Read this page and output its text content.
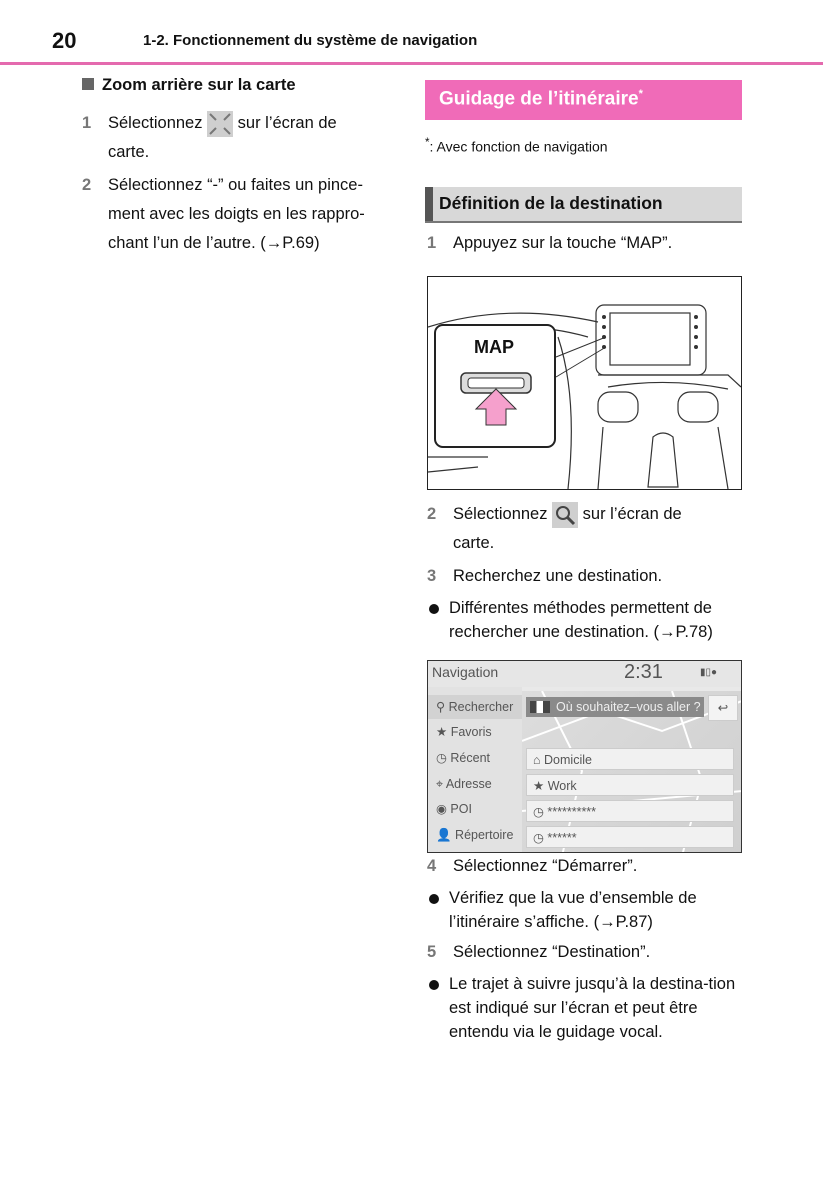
20	1-2. Fonctionnement du système de navigation
Zoom arrière sur la carte
1 Sélectionnez sur l’écran de
carte.
2 Sélectionnez “-” ou faites un pince-ment avec les doigts en les rappro-chant l’un de l’autre. (→P.69)
Guidage de l’itinéraire*
*: Avec fonction de navigation
Définition de la destination
1 Appuyez sur la touche “MAP”.
MAP
2 Sélectionnez sur l’écran de
carte.
3 Recherchez une destination.
Différentes méthodes permettent de rechercher une destination. (→P.78)
Navigation	2:31	▮▯●
⚲ Rechercher
★ Favoris
◷ Récent
⌖ Adresse
◉ POI
👤 Répertoire
Où souhaitez–vous aller ?	↩
⌂ Domicile
★ Work
◷ **********
◷ ******
4 Sélectionnez “Démarrer”.
Vérifiez que la vue d’ensemble de l’itinéraire s’affiche. (→P.87)
5 Sélectionnez “Destination”.
Le trajet à suivre jusqu’à la destina-tion est indiqué sur l’écran et peut être entendu via le guidage vocal.
